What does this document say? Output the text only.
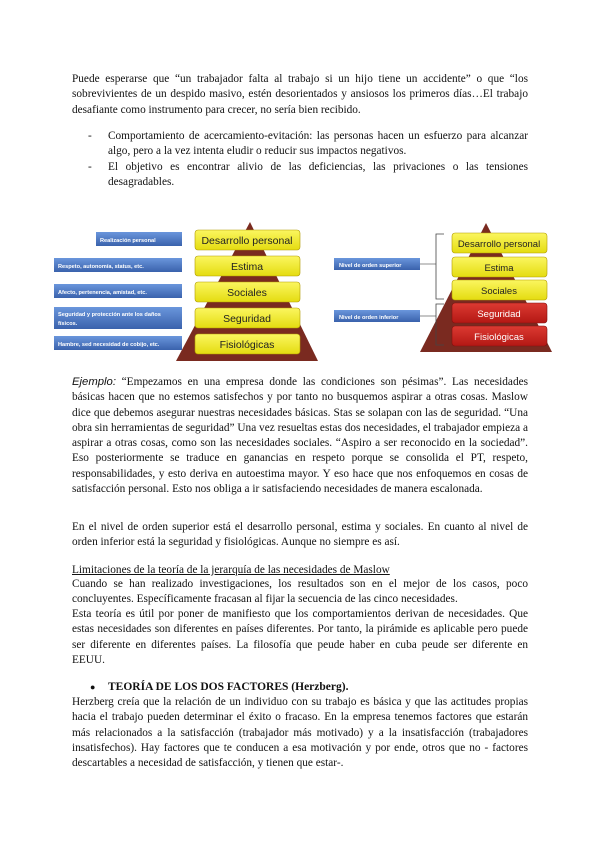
Puede esperarse que “un trabajador falta al trabajo si un hijo tiene un accidente” o que “los sobrevivientes de un despido masivo, estén desorientados y ansiosos los primeros días…El trabajo desafiante como instrumento para crecer, no sería bien recibido.

- Comportamiento de acercamiento-evitación: las personas hacen un esfuerzo para alcanzar algo, pero a la vez intenta eludir o reducir sus impactos negativos.
- El objetivo es encontrar alivio de las deficiencias, las privaciones o las tensiones desagradables.
Desarrollo personal
Estima
Sociales
Seguridad
Fisiológicas
Realización personal
Respeto, autonomía, status, etc.
Afecto, pertenencia, amistad, etc.
Seguridad y protección ante los daños
físicos.
Hambre, sed necesidad de cobijo, etc.
Desarrollo personal
Estima
Sociales
Seguridad
Fisiológicas
Nivel de orden superior
Nivel de orden inferior

Ejemplo: “Empezamos en una empresa donde las condiciones son pésimas”. Las necesidades básicas hacen que no estemos satisfechos y por tanto no busquemos aspirar a otras cosas. Maslow dice que debemos asegurar nuestras necesidades básicas. Stas se solapan con las de seguridad. “Una obra sin herramientas de seguridad” Una vez resueltas estas dos necesidades, el trabajador empieza a aspirar a otras cosas, como son las necesidades sociales. “Aspiro a ser reconocido en la sociedad”. Eso posteriormente se traduce en ganancias en respeto porque se consolida el PT, respeto, responsabilidades, y esto deriva en autoestima mayor. Y eso hace que nos enfoquemos en cosas de satisfacción personal. Esto nos obliga a ir satisfaciendo necesidades de manera escalonada.

En el nivel de orden superior está el desarrollo personal, estima y sociales. En cuanto al nivel de orden inferior está la seguridad y fisiológicas. Aunque no siempre es así.

Limitaciones de la teoría de la jerarquía de las necesidades de Maslow

Cuando se han realizado investigaciones, los resultados son en el mejor de los casos, poco concluyentes. Específicamente fracasan al fijar la secuencia de las cinco necesidades.

Esta teoría es útil por poner de manifiesto que los comportamientos derivan de necesidades. Que estas necesidades son diferentes en países diferentes. Por tanto, la pirámide es aplicable pero puede ser diferente en diferentes países. La filosofía que peude haber en cuba peude ser diferente en EEUU.

● TEORÍA DE LOS DOS FACTORES (Herzberg).

Herzberg creía que la relación de un individuo con su trabajo es básica y que las actitudes propias hacia el trabajo pueden determinar el éxito o fracaso. En la empresa tenemos factores que estarán más relacionados a la satisfacción (trabajador más motivado) y a la insatisfacción (trabajadores insatisfechos). Hay factores que te conducen a esa motivación y por ende, otros que no - factores descartables a necesidad de satisfacción, y tienen que estar-.
